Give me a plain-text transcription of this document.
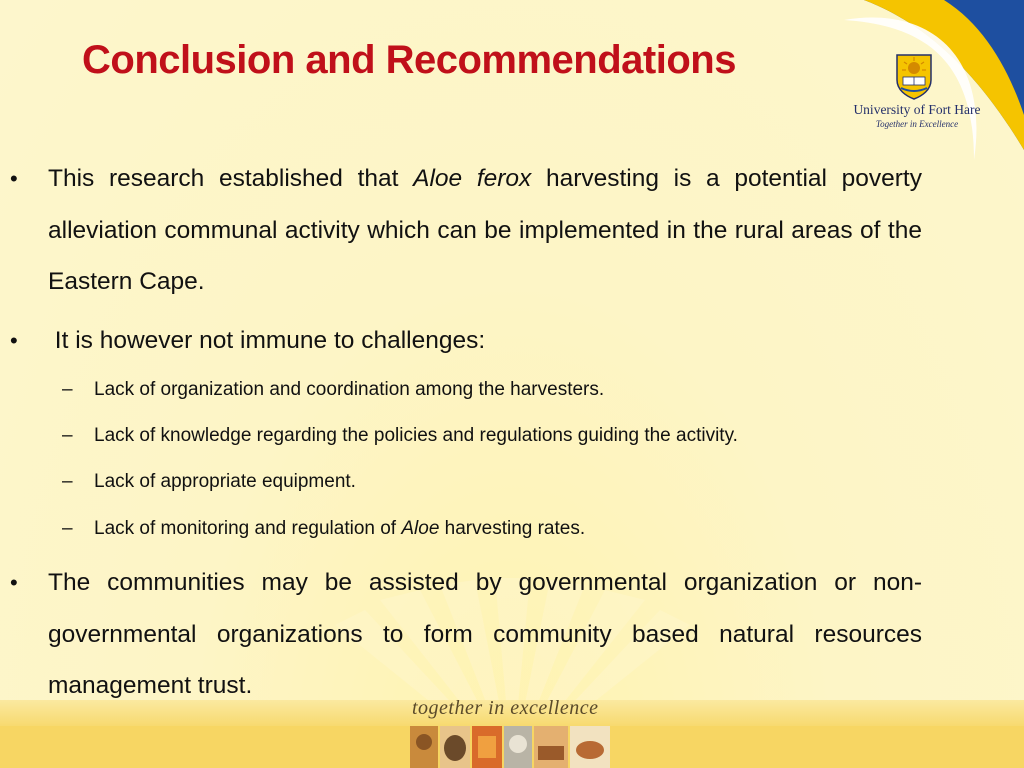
Conclusion and Recommendations
University of Fort Hare
Together in Excellence
•	This research established that Aloe ferox harvesting is a potential poverty alleviation communal activity which can be implemented in the rural areas of the Eastern Cape.
•	It is however not immune to challenges:
– Lack of organization and coordination among the harvesters.
– Lack of knowledge regarding the policies and regulations guiding the activity.
– Lack of appropriate equipment.
– Lack of monitoring and regulation of Aloe harvesting rates.
•	The communities may be assisted by governmental organization or non-governmental organizations to form community based natural resources management trust.
together in excellence
